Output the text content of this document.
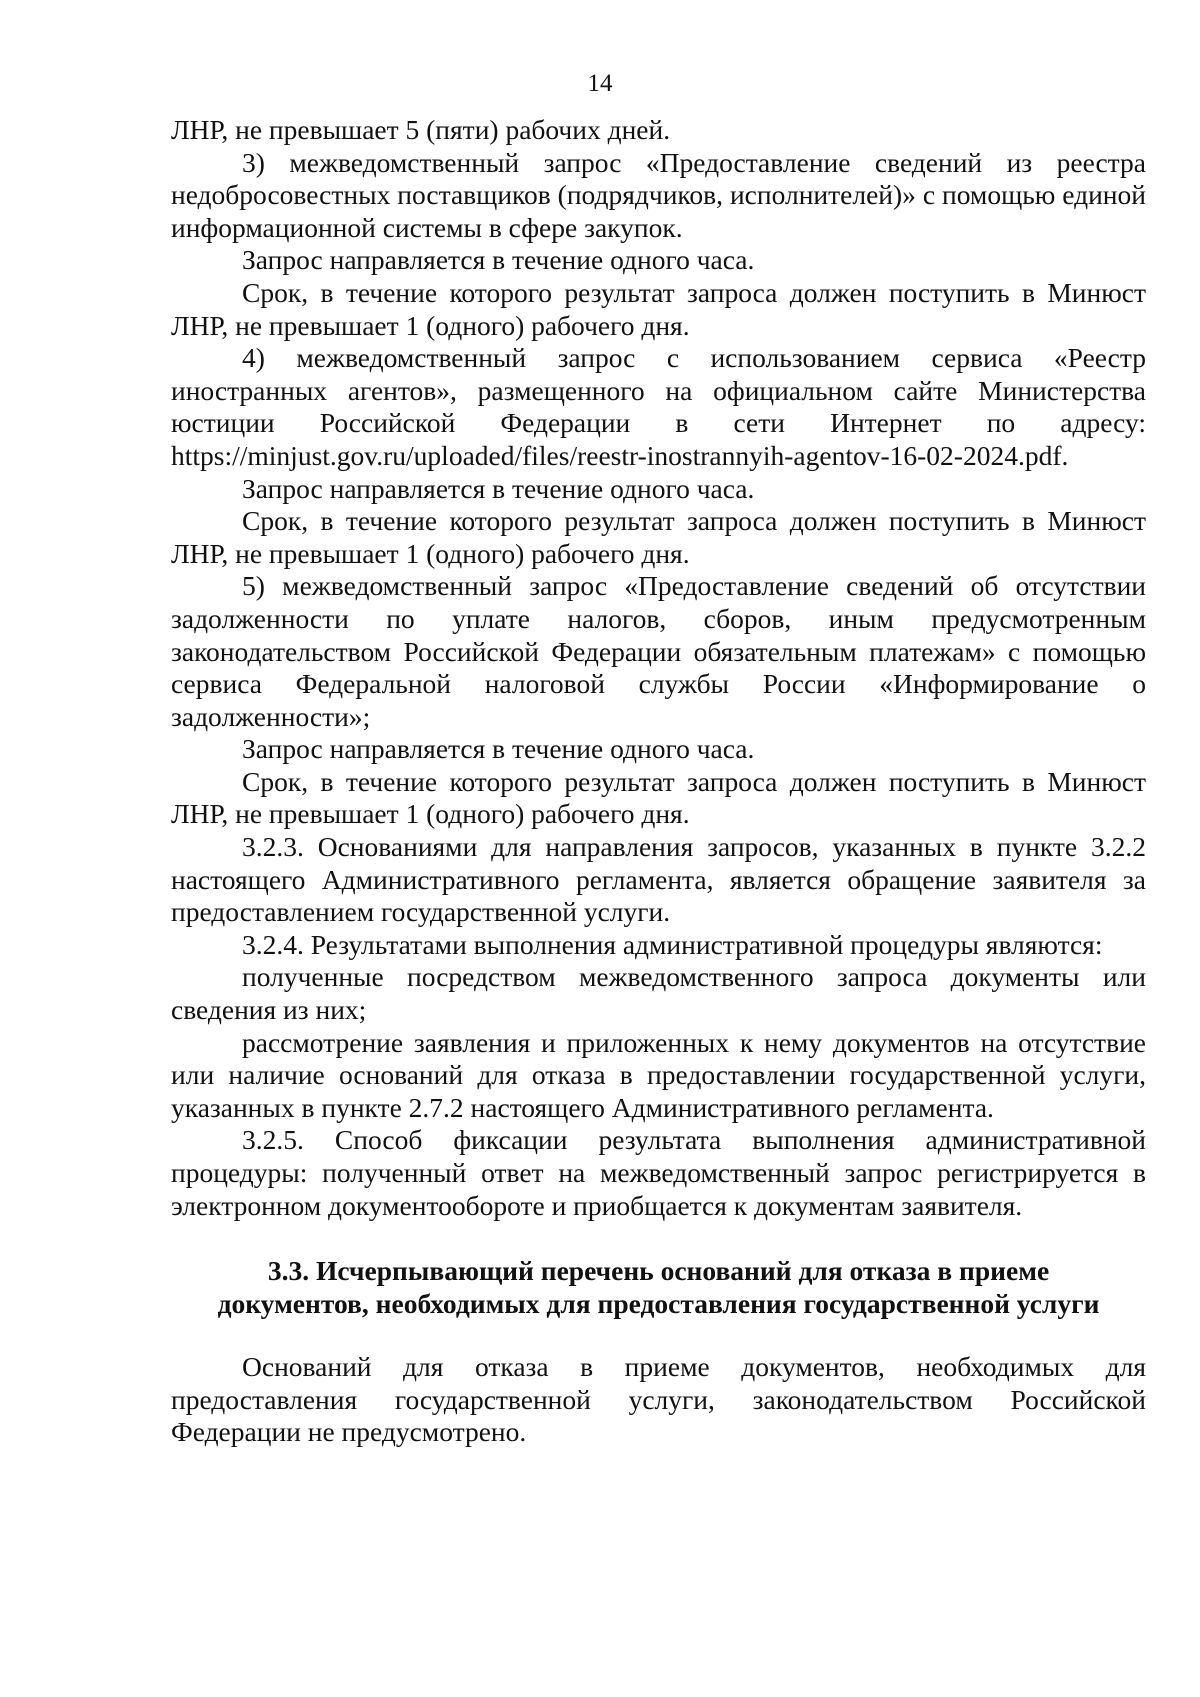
14

ЛНР, не превышает 5 (пяти) рабочих дней.

3) межведомственный запрос «Предоставление сведений из реестра недобросовестных поставщиков (подрядчиков, исполнителей)» с помощью единой информационной системы в сфере закупок.

Запрос направляется в течение одного часа.

Срок, в течение которого результат запроса должен поступить в Минюст ЛНР, не превышает 1 (одного) рабочего дня.

4) межведомственный запрос с использованием сервиса «Реестр иностранных агентов», размещенного на официальном сайте Министерства юстиции Российской Федерации в сети Интернет по адресу:

https://minjust.gov.ru/uploaded/files/reestr-inostrannyih-agentov-16-02-2024.pdf.

Запрос направляется в течение одного часа.

Срок, в течение которого результат запроса должен поступить в Минюст ЛНР, не превышает 1 (одного) рабочего дня.

5) межведомственный запрос «Предоставление сведений об отсутствии задолженности по уплате налогов, сборов, иным предусмотренным законодательством Российской Федерации обязательным платежам» с помощью сервиса Федеральной налоговой службы России «Информирование о задолженности»;

Запрос направляется в течение одного часа.

Срок, в течение которого результат запроса должен поступить в Минюст ЛНР, не превышает 1 (одного) рабочего дня.

3.2.3. Основаниями для направления запросов, указанных в пункте 3.2.2 настоящего Административного регламента, является обращение заявителя за предоставлением государственной услуги.

3.2.4. Результатами выполнения административной процедуры являются:

полученные посредством межведомственного запроса документы или сведения из них;

рассмотрение заявления и приложенных к нему документов на отсутствие или наличие оснований для отказа в предоставлении государственной услуги, указанных в пункте 2.7.2 настоящего Административного регламента.

3.2.5. Способ фиксации результата выполнения административной процедуры: полученный ответ на межведомственный запрос регистрируется в электронном документообороте и приобщается к документам заявителя.

3.3. Исчерпывающий перечень оснований для отказа в приеме
документов, необходимых для предоставления государственной услуги

Оснований для отказа в приеме документов, необходимых для предоставления государственной услуги, законодательством Российской Федерации не предусмотрено.
